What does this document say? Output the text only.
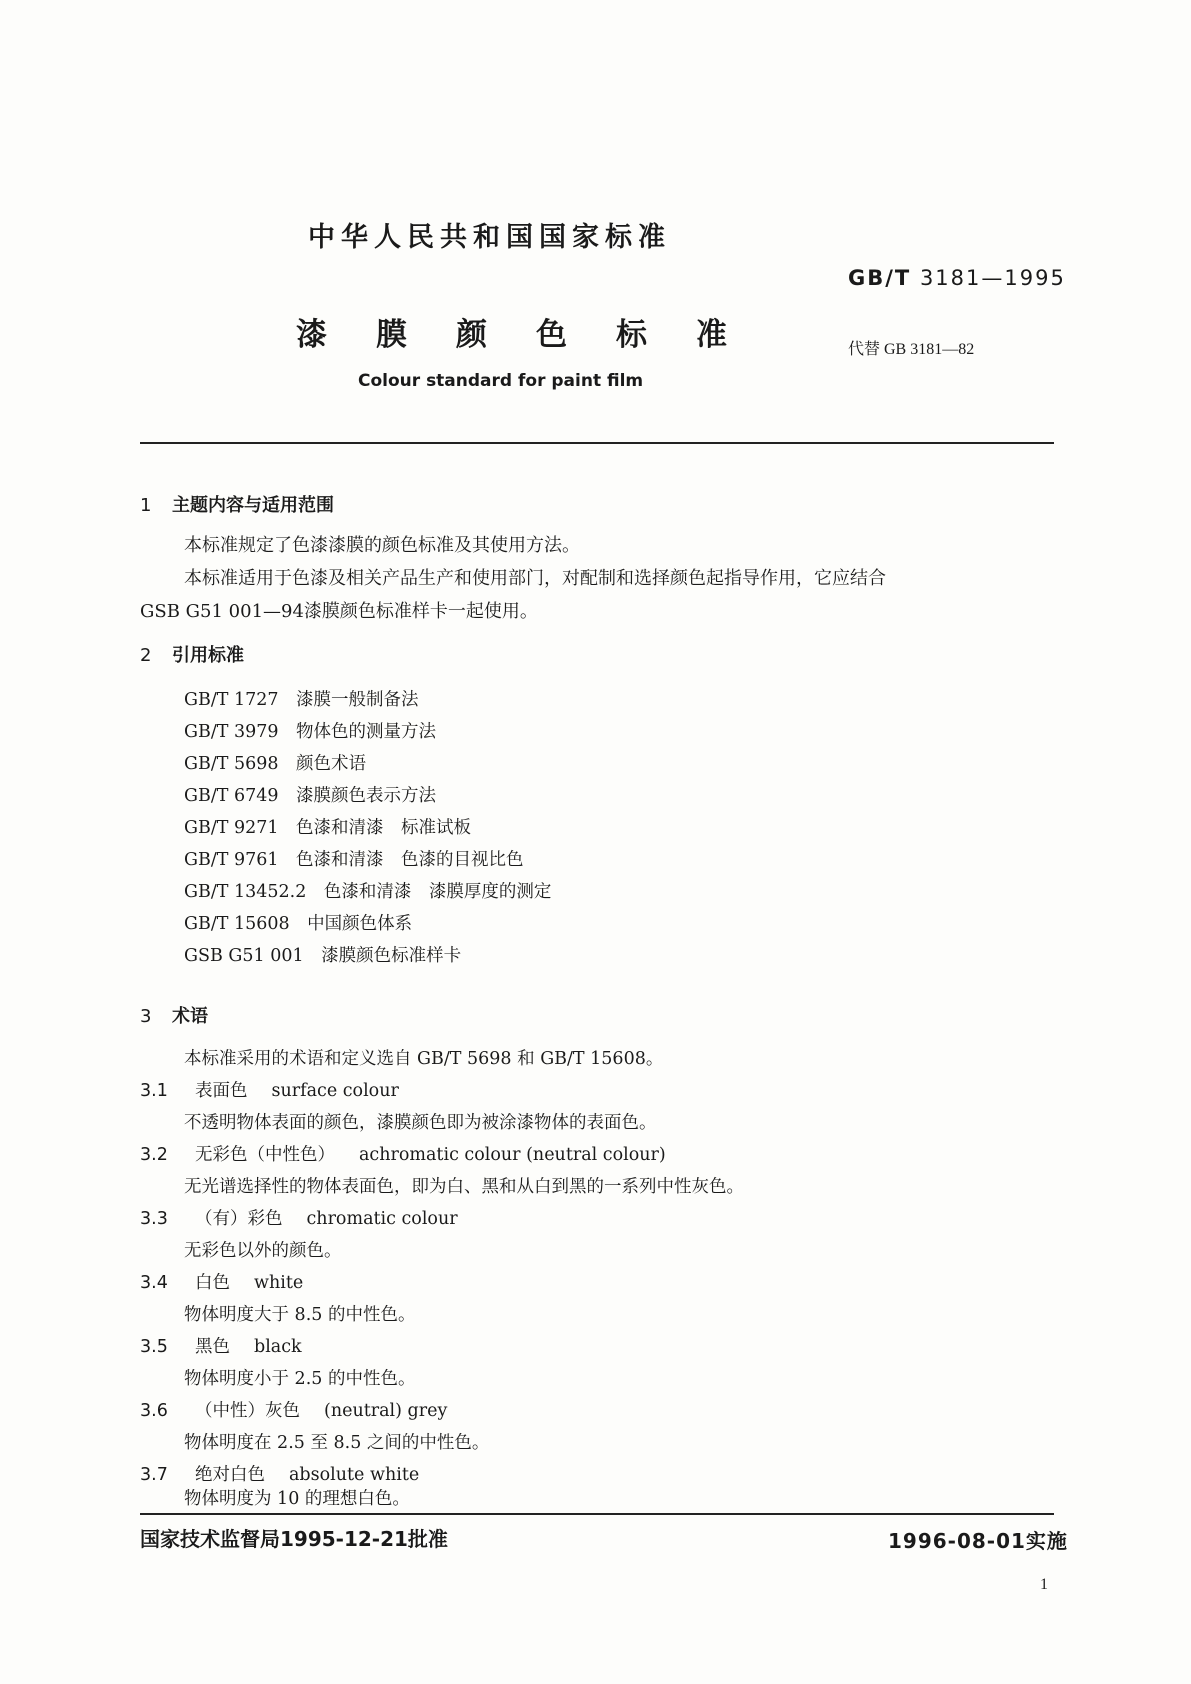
中华人民共和国国家标准
GB/T 3181—1995
漆 膜 颜 色 标 准	代替 GB 3181—82
Colour standard for paint film
1 主题内容与适用范围
本标准规定了色漆漆膜的颜色标准及其使用方法。
本标准适用于色漆及相关产品生产和使用部门，对配制和选择颜色起指导作用，它应结合
GSB G51 001—94漆膜颜色标准样卡一起使用。
2 引用标准
GB/T 1727　漆膜一般制备法
GB/T 3979　物体色的测量方法
GB/T 5698　颜色术语
GB/T 6749　漆膜颜色表示方法
GB/T 9271　色漆和清漆　标准试板
GB/T 9761　色漆和清漆　色漆的目视比色
GB/T 13452.2　色漆和清漆　漆膜厚度的测定
GB/T 15608　中国颜色体系
GSB G51 001　漆膜颜色标准样卡
3 术语
本标准采用的术语和定义选自 GB/T 5698 和 GB/T 15608。
3.1 表面色 surface colour
不透明物体表面的颜色，漆膜颜色即为被涂漆物体的表面色。
3.2 无彩色（中性色） achromatic colour (neutral colour)
无光谱选择性的物体表面色，即为白、黑和从白到黑的一系列中性灰色。
3.3 （有）彩色 chromatic colour
无彩色以外的颜色。
3.4 白色 white
物体明度大于 8.5 的中性色。
3.5 黑色 black
物体明度小于 2.5 的中性色。
3.6 （中性）灰色 (neutral) grey
物体明度在 2.5 至 8.5 之间的中性色。
3.7 绝对白色 absolute white
物体明度为 10 的理想白色。
国家技术监督局1995-12-21批准	1996-08-01实施
1
